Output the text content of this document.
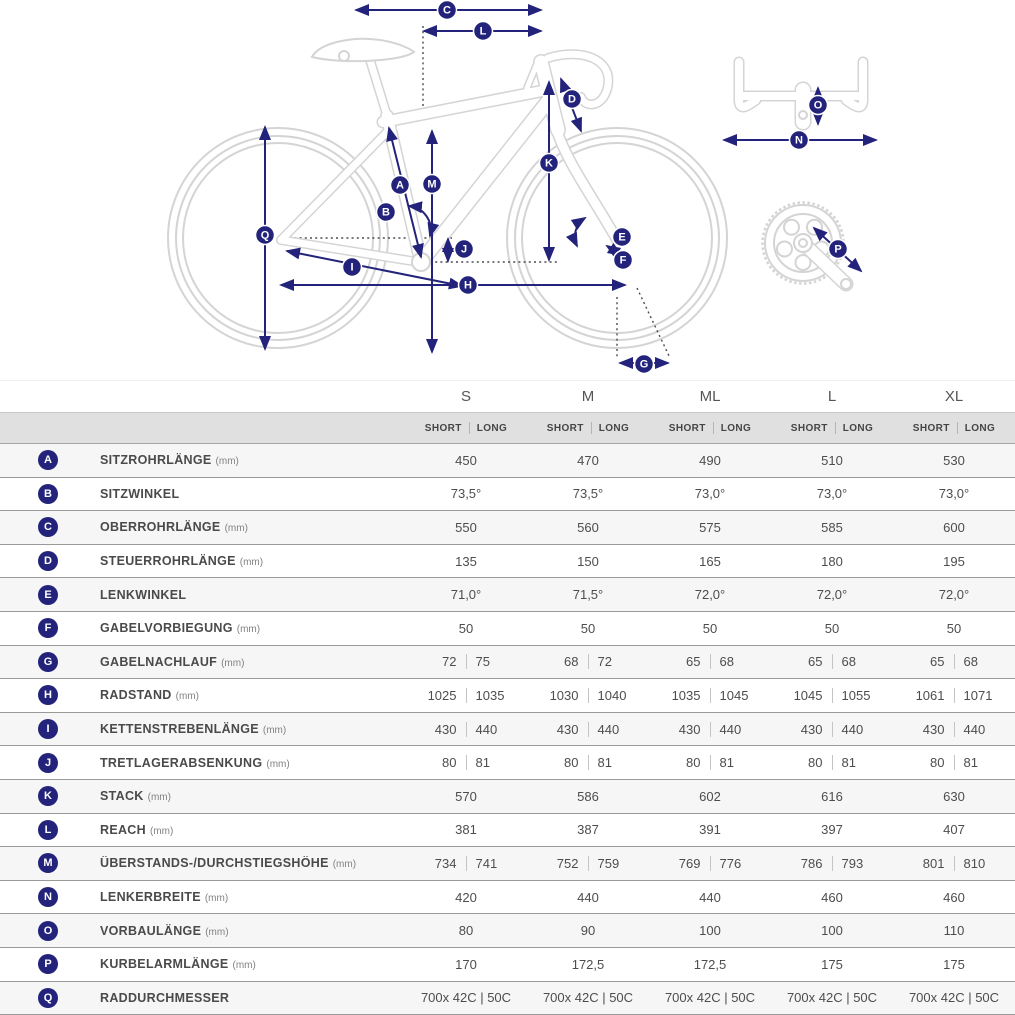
A
B
C
D
E
F
G
H
I
J
K
L
M
N
O
P
Q
S	M	ML	L	XL
SHORT LONG	SHORT LONG	SHORT LONG	SHORT LONG	SHORT LONG
A	SITZROHRLÄNGE (mm)	450	470	490	510	530
B	SITZWINKEL	73,5°	73,5°	73,0°	73,0°	73,0°
C	OBERROHRLÄNGE (mm)	550	560	575	585	600
D	STEUERROHRLÄNGE (mm)	135	150	165	180	195
E	LENKWINKEL	71,0°	71,5°	72,0°	72,0°	72,0°
F	GABELVORBIEGUNG (mm)	50	50	50	50	50
G	GABELNACHLAUF (mm)	72	75	68	72	65	68	65	68	65	68
H	RADSTAND (mm)	1025	1035	1030	1040	1035	1045	1045	1055	1061	1071
I	KETTENSTREBENLÄNGE (mm)	430	440	430	440	430	440	430	440	430	440
J	TRETLAGERABSENKUNG (mm)	80	81	80	81	80	81	80	81	80	81
K	STACK (mm)	570	586	602	616	630
L	REACH (mm)	381	387	391	397	407
M	ÜBERSTANDS-/DURCHSTIEGSHÖHE (mm)	734	741	752	759	769	776	786	793	801	810
N	LENKERBREITE (mm)	420	440	440	460	460
O	VORBAULÄNGE (mm)	80	90	100	100	110
P	KURBELARMLÄNGE (mm)	170	172,5	172,5	175	175
Q	RADDURCHMESSER	700x 42C | 50C	700x 42C | 50C	700x 42C | 50C	700x 42C | 50C	700x 42C | 50C
